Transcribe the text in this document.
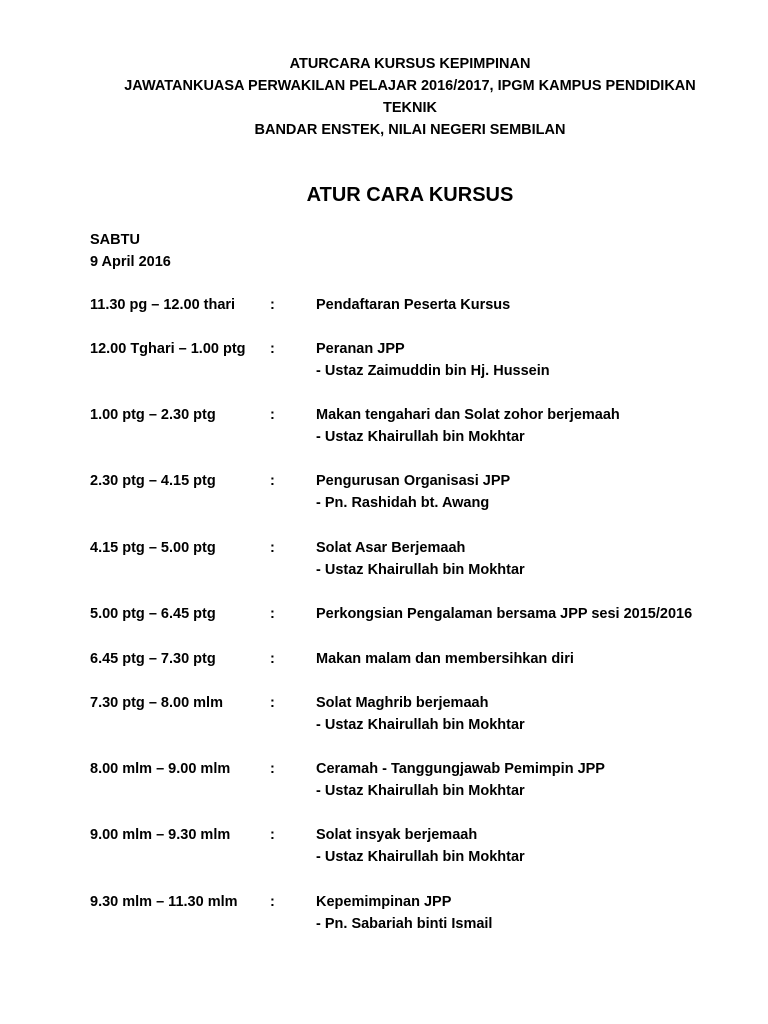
ATURCARA KURSUS KEPIMPINAN
JAWATANKUASA PERWAKILAN PELAJAR 2016/2017, IPGM KAMPUS PENDIDIKAN
TEKNIK
BANDAR ENSTEK, NILAI NEGERI SEMBILAN
ATUR CARA KURSUS
SABTU
9 April 2016
11.30 pg – 12.00 thari :	Pendaftaran Peserta Kursus
12.00 Tghari – 1.00 ptg :	Peranan JPP
- Ustaz Zaimuddin bin Hj. Hussein
1.00 ptg – 2.30 ptg	:	Makan tengahari dan Solat zohor berjemaah
- Ustaz Khairullah bin Mokhtar
2.30 ptg – 4.15 ptg	:	Pengurusan Organisasi JPP
- Pn. Rashidah bt. Awang
4.15 ptg – 5.00 ptg	:	Solat Asar Berjemaah
- Ustaz Khairullah bin Mokhtar
5.00 ptg – 6.45 ptg	:	Perkongsian Pengalaman bersama JPP sesi 2015/2016
6.45 ptg – 7.30 ptg	:	Makan malam dan membersihkan diri
7.30 ptg – 8.00 mlm	:	Solat Maghrib berjemaah
- Ustaz Khairullah bin Mokhtar
8.00 mlm – 9.00 mlm	:	Ceramah - Tanggungjawab Pemimpin JPP
- Ustaz Khairullah bin Mokhtar
9.00 mlm – 9.30 mlm	:	Solat insyak berjemaah
- Ustaz Khairullah bin Mokhtar
9.30 mlm – 11.30 mlm :	Kepemimpinan JPP
- Pn. Sabariah binti Ismail
